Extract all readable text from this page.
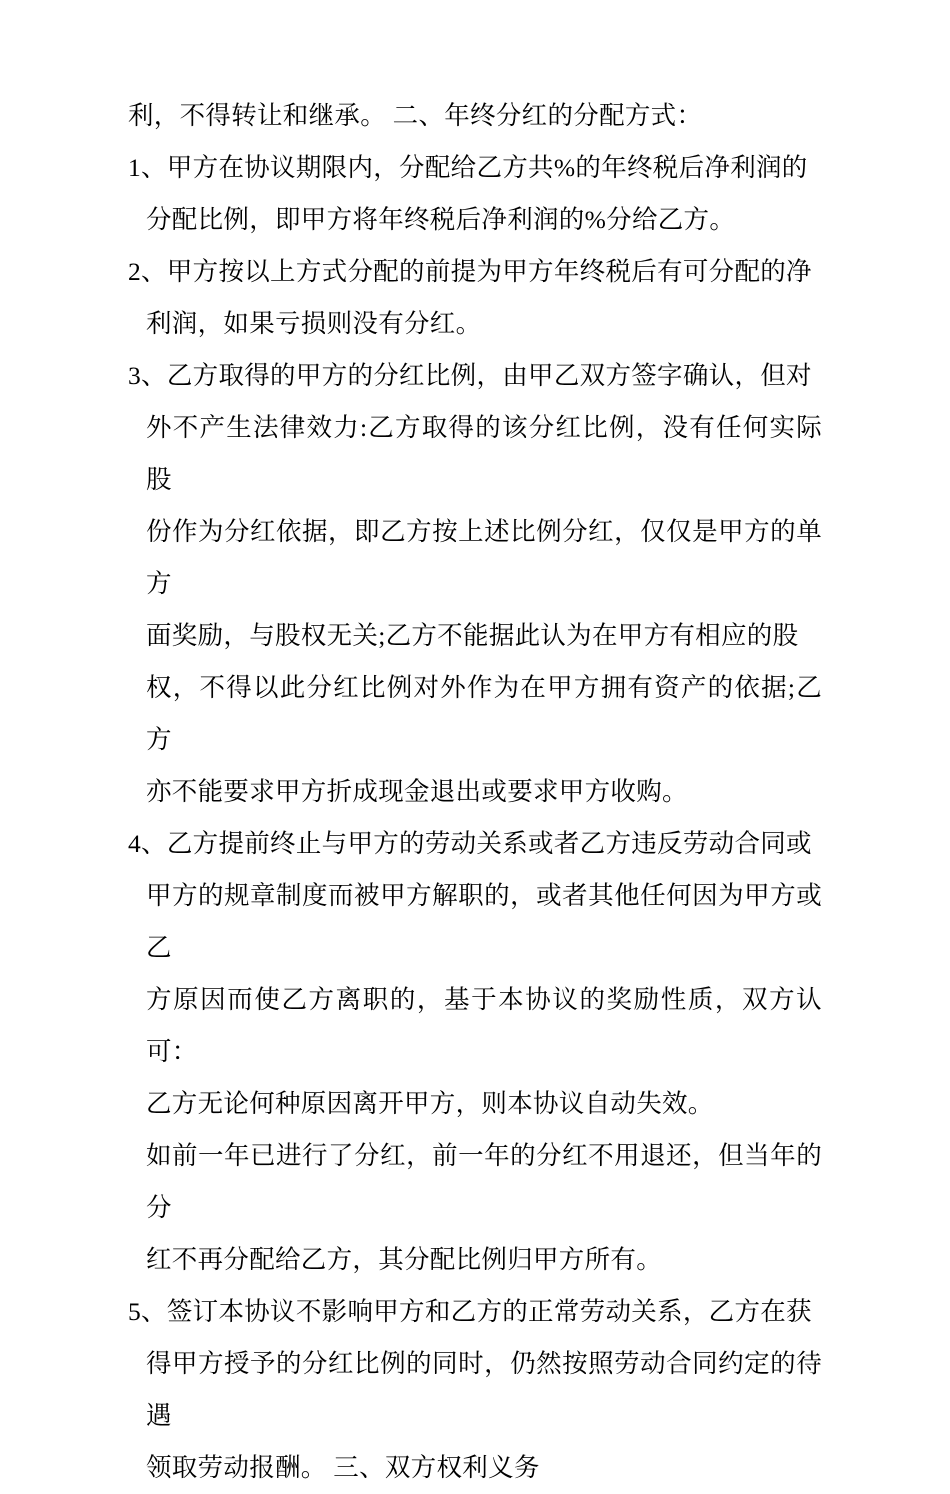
利，不得转让和继承。 二、年终分红的分配方式：

1、甲方在协议期限内，分配给乙方共%的年终税后净利润的
分配比例，即甲方将年终税后净利润的%分给乙方。

2、甲方按以上方式分配的前提为甲方年终税后有可分配的净
利润，如果亏损则没有分红。

3、乙方取得的甲方的分红比例，由甲乙双方签字确认，但对
外不产生法律效力:乙方取得的该分红比例，没有任何实际股
份作为分红依据，即乙方按上述比例分红，仅仅是甲方的单方
面奖励，与股权无关;乙方不能据此认为在甲方有相应的股
权，不得以此分红比例对外作为在甲方拥有资产的依据;乙方
亦不能要求甲方折成现金退出或要求甲方收购。

4、乙方提前终止与甲方的劳动关系或者乙方违反劳动合同或
甲方的规章制度而被甲方解职的，或者其他任何因为甲方或乙
方原因而使乙方离职的，基于本协议的奖励性质，双方认可：
乙方无论何种原因离开甲方，则本协议自动失效。

如前一年已进行了分红，前一年的分红不用退还，但当年的分
红不再分配给乙方，其分配比例归甲方所有。

5、签订本协议不影响甲方和乙方的正常劳动关系，乙方在获
得甲方授予的分红比例的同时，仍然按照劳动合同约定的待遇
领取劳动报酬。 三、双方权利义务
